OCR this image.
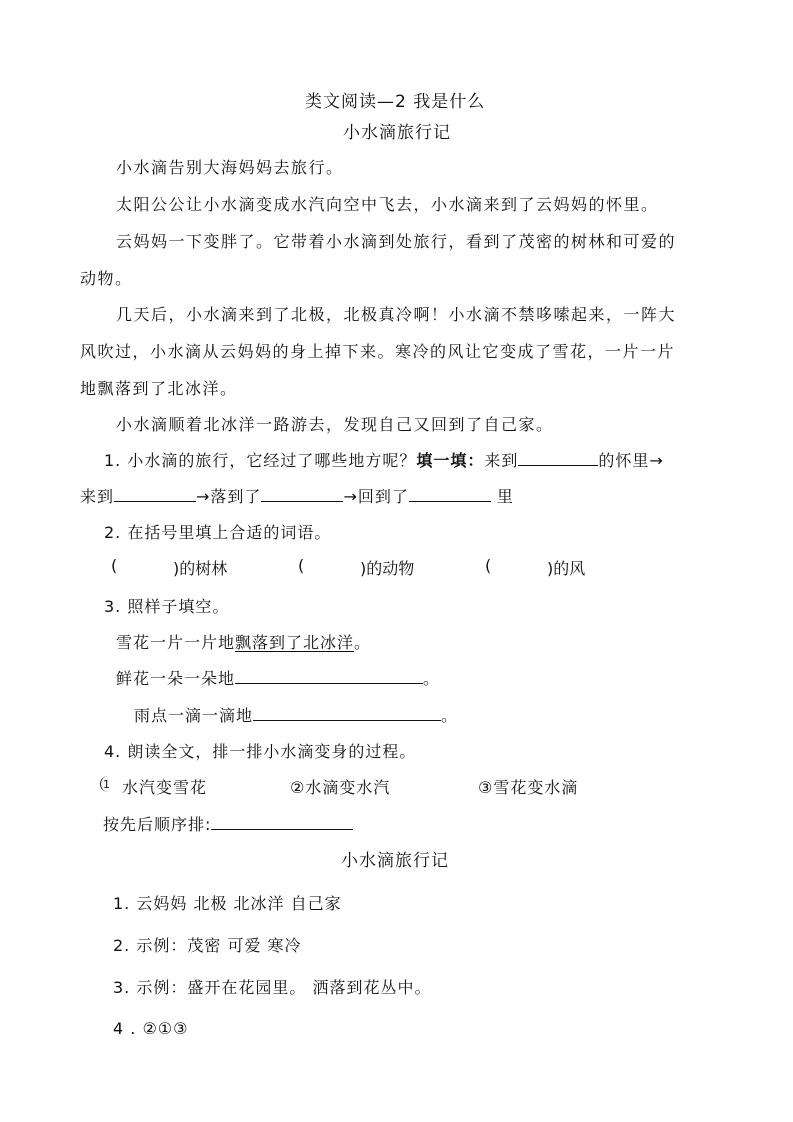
类文阅读—2 我是什么
小水滴旅行记
小水滴告别大海妈妈去旅行。
太阳公公让小水滴变成水汽向空中飞去，小水滴来到了云妈妈的怀里。
云妈妈一下变胖了。它带着小水滴到处旅行，看到了茂密的树林和可爱的
动物。
几天后，小水滴来到了北极，北极真冷啊！小水滴不禁哆嗦起来，一阵大
风吹过，小水滴从云妈妈的身上掉下来。寒冷的风让它变成了雪花，一片一片
地飘落到了北冰洋。
小水滴顺着北冰洋一路游去，发现自己又回到了自己家。
1. 小水滴的旅行，它经过了哪些地方呢？填一填：来到	的怀里→
来到	→落到了	→回到了	里
2. 在括号里填上合适的词语。
(	)的树林	(	)的动物	(	)的风
3. 照样子填空。
雪花一片一片地飘落到了北冰洋。
鲜花一朵一朵地	。
雨点一滴一滴地	。
4. 朗读全文，排一排小水滴变身的过程。
1 水汽变雪花	②水滴变水汽	③雪花变水滴
按先后顺序排:
小水滴旅行记
1. 云妈妈 北极 北冰洋 自己家
2. 示例：茂密 可爱 寒冷
3. 示例：盛开在花园里。 洒落到花丛中。
4 . ②①③
